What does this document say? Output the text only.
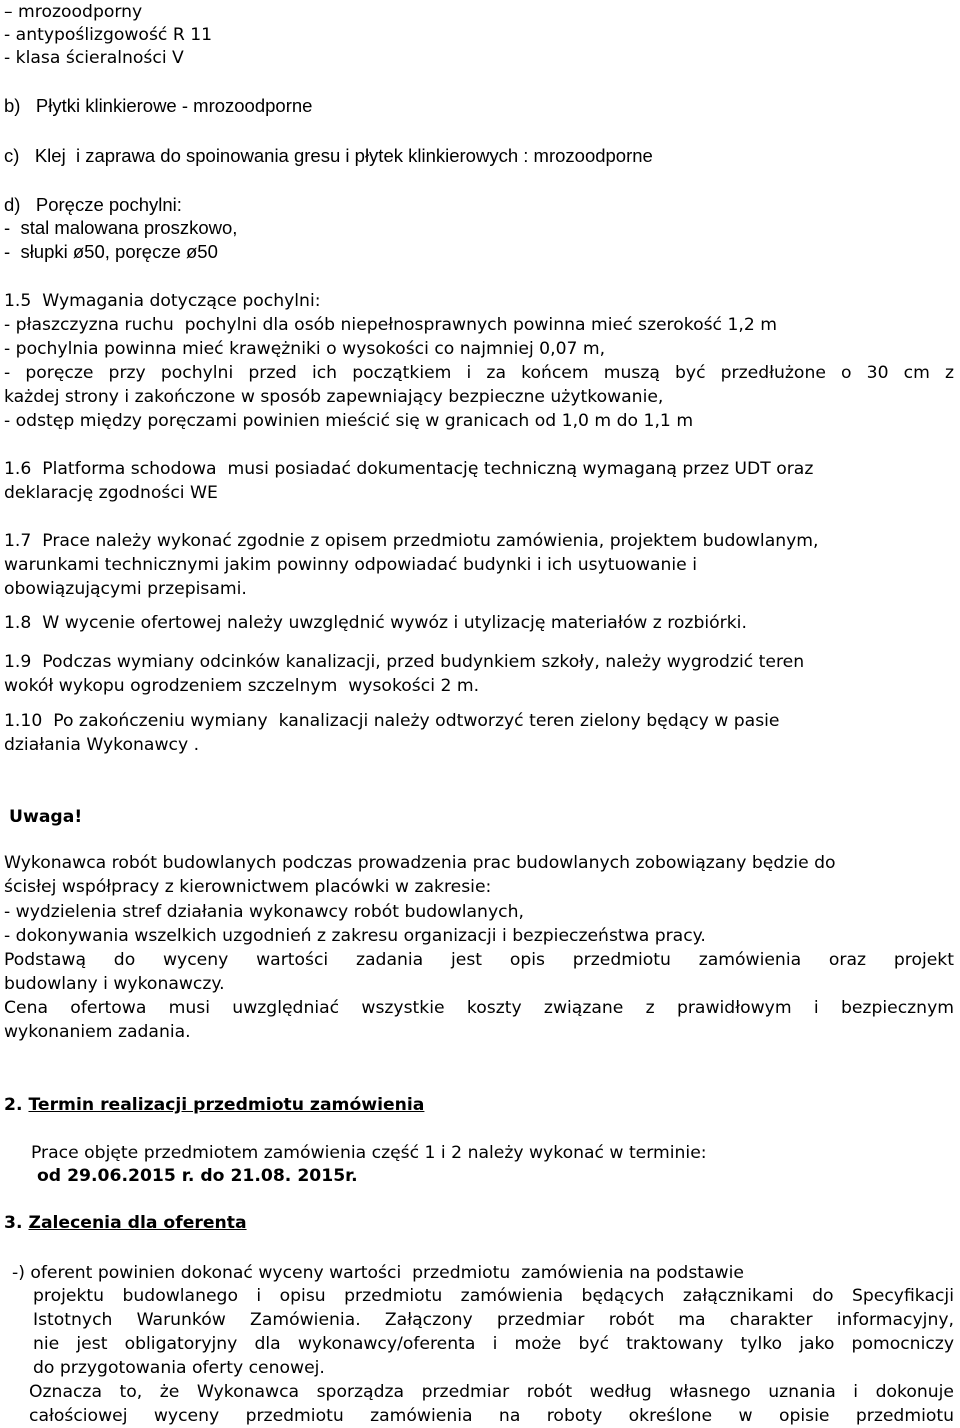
– mrozoodporny
- antypoślizgowość R 11
- klasa ścieralności V
b)   Płytki klinkierowe - mrozoodporne
c)   Klej  i zaprawa do spoinowania gresu i płytek klinkierowych : mrozoodporne
d)   Poręcze pochylni:
-  stal malowana proszkowo,
-  słupki ø50, poręcze ø50
1.5  Wymagania dotyczące pochylni:
- płaszczyzna ruchu  pochylni dla osób niepełnosprawnych powinna mieć szerokość 1,2 m
- pochylnia powinna mieć krawężniki o wysokości co najmniej 0,07 m,
- poręcze przy pochylni przed ich początkiem i za końcem muszą być przedłużone o 30 cm z
każdej strony i zakończone w sposób zapewniający bezpieczne użytkowanie,
- odstęp między poręczami powinien mieścić się w granicach od 1,0 m do 1,1 m
1.6  Platforma schodowa  musi posiadać dokumentację techniczną wymaganą przez UDT oraz
deklarację zgodności WE
1.7  Prace należy wykonać zgodnie z opisem przedmiotu zamówienia, projektem budowlanym,
warunkami technicznymi jakim powinny odpowiadać budynki i ich usytuowanie i
obowiązującymi przepisami.
1.8  W wycenie ofertowej należy uwzględnić wywóz i utylizację materiałów z rozbiórki.
1.9  Podczas wymiany odcinków kanalizacji, przed budynkiem szkoły, należy wygrodzić teren
wokół wykopu ogrodzeniem szczelnym  wysokości 2 m.
1.10  Po zakończeniu wymiany  kanalizacji należy odtworzyć teren zielony będący w pasie
działania Wykonawcy .
Uwaga!
Wykonawca robót budowlanych podczas prowadzenia prac budowlanych zobowiązany będzie do
ścisłej współpracy z kierownictwem placówki w zakresie:
- wydzielenia stref działania wykonawcy robót budowlanych,
- dokonywania wszelkich uzgodnień z zakresu organizacji i bezpieczeństwa pracy.
Podstawą do wyceny wartości zadania jest opis przedmiotu zamówienia oraz projekt
budowlany i wykonawczy.
Cena ofertowa musi uwzględniać wszystkie koszty związane z prawidłowym i bezpiecznym
wykonaniem zadania.
2. Termin realizacji przedmiotu zamówienia
Prace objęte przedmiotem zamówienia część 1 i 2 należy wykonać w terminie:
od 29.06.2015 r. do 21.08. 2015r.
3. Zalecenia dla oferenta
-) oferent powinien dokonać wyceny wartości  przedmiotu  zamówienia na podstawie
projektu budowlanego i opisu przedmiotu zamówienia będących załącznikami do Specyfikacji
Istotnych Warunków Zamówienia. Załączony przedmiar robót ma charakter informacyjny,
nie jest obligatoryjny dla wykonawcy/oferenta i może być traktowany tylko jako pomocniczy
do przygotowania oferty cenowej.
Oznacza to, że Wykonawca sporządza przedmiar robót według własnego uznania i dokonuje
całościowej wyceny przedmiotu zamówienia na roboty określone w opisie przedmiotu
